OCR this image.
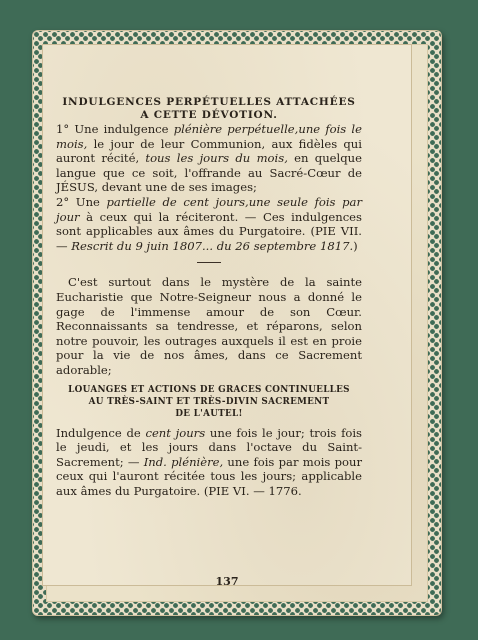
137
INDULGENCES PERPÉTUELLES ATTACHÉES
A CETTE DÉVOTION.

1° Une indulgence plénière perpétuelle,une fois le mois, le jour de leur Communion, aux fidèles qui auront récité, tous les jours du mois, en quelque langue que ce soit, l'offrande au Sacré-Cœur de JÉSUS, devant une de ses images;

2° Une partielle de cent jours,une seule fois par jour à ceux qui la réciteront. — Ces indulgences sont applicables aux âmes du Purgatoire. (PIE VII. — Rescrit du 9 juin 1807... du 26 septembre 1817.)

C'est surtout dans le mystère de la sainte Eucharistie que Notre-Seigneur nous a donné le gage de l'immense amour de son Cœur. Reconnaissants sa tendresse, et réparons, selon notre pouvoir, les outrages auxquels il est en proie pour la vie de nos âmes, dans ce Sacrement adorable;

LOUANGES ET ACTIONS DE GRACES CONTINUELLES
AU TRÈS-SAINT ET TRÈS-DIVIN SACREMENT
DE L'AUTEL!

Indulgence de cent jours une fois le jour; trois fois le jeudi, et les jours dans l'octave du Saint-Sacrement; — Ind. plénière, une fois par mois pour ceux qui l'auront récitée tous les jours; applicable aux âmes du Purgatoire. (PIE VI. — 1776.
